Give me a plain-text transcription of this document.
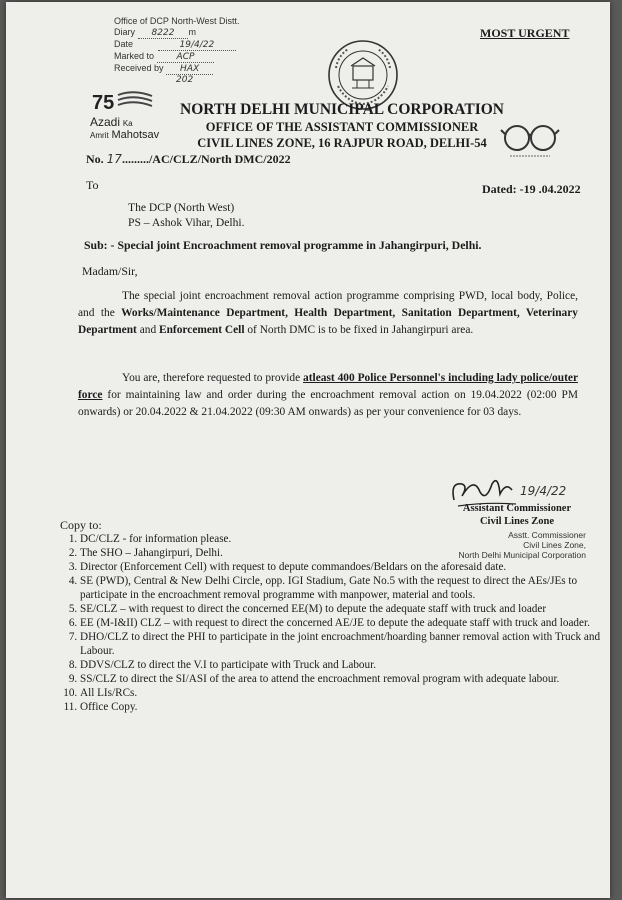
Office of DCP North-West Distt.
Diary 8222 m
Date	19/4/22
Marked to	ACP
Received by HAX
202
MOST URGENT
75
Azadi Ka
Amrit Mahotsav
NORTH DELHI MUNICIPAL CORPORATION
OFFICE OF THE ASSISTANT COMMISSIONER
CIVIL LINES ZONE, 16 RAJPUR ROAD, DELHI-54
No. 17........./AC/CLZ/North DMC/2022
Dated: -19 .04.2022
To
The DCP (North West)
PS – Ashok Vihar, Delhi.
Sub: - Special joint Encroachment removal programme in Jahangirpuri, Delhi.
Madam/Sir,
The special joint encroachment removal action programme comprising PWD, local body, Police, and the Works/Maintenance Department, Health Department, Sanitation Department, Veterinary Department and Enforcement Cell of North DMC is to be fixed in Jahangirpuri area.
You are, therefore requested to provide atleast 400 Police Personnel's including lady police/outer force for maintaining law and order during the encroachment removal action on 19.04.2022 (02:00 PM onwards) or 20.04.2022 & 21.04.2022 (09:30 AM onwards) as per your convenience for 03 days.
19/4/22
Assistant Commissioner
Civil Lines Zone
Asstt. Commissioner
Civil Lines Zone,
North Delhi Municipal Corporation
Copy to:
1. DC/CLZ - for information please.
2. The SHO – Jahangirpuri, Delhi.
3. Director (Enforcement Cell) with request to depute commandoes/Beldars on the aforesaid date.
4. SE (PWD), Central & New Delhi Circle, opp. IGI Stadium, Gate No.5 with the request to direct the AEs/JEs to participate in the encroachment removal programme with manpower, material and tools.
5. SE/CLZ – with request to direct the concerned EE(M) to depute the adequate staff with truck and loader
6. EE (M-I&II) CLZ – with request to direct the concerned AE/JE to depute the adequate staff with truck and loader.
7. DHO/CLZ to direct the PHI to participate in the joint encroachment/hoarding banner removal action with Truck and Labour.
8. DDVS/CLZ to direct the V.I to participate with Truck and Labour.
9. SS/CLZ to direct the SI/ASI of the area to attend the encroachment removal program with adequate labour.
10. All LIs/RCs.
11. Office Copy.
